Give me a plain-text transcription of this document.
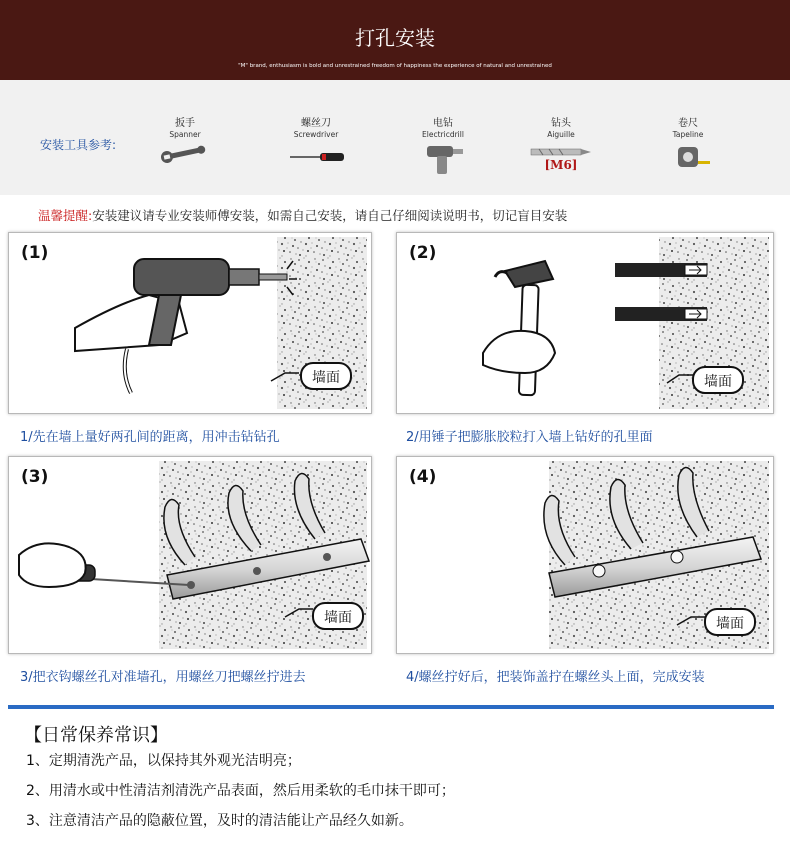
打孔安装
"M" brand, enthusiasm is bold and unrestrained freedom of happiness the experience of natural and unrestrained
安装工具参考:
扳手
Spanner
螺丝刀
Screwdriver
电钻
Electricdrill
钻头
Aiguille
[M6]
卷尺
Tapeline
温馨提醒:安装建议请专业安装师傅安装，如需自己安装，请自己仔细阅读说明书，切记盲目安装
墙面
(1)
1/先在墙上量好两孔间的距离，用冲击钻钻孔
墙面
(2)
2/用锤子把膨胀胶粒打入墙上钻好的孔里面
墙面
(3)
3/把衣钩螺丝孔对准墙孔，用螺丝刀把螺丝拧进去
墙面
(4)
4/螺丝拧好后，把装饰盖拧在螺丝头上面，完成安装
【日常保养常识】
1、定期清洗产品，以保持其外观光洁明亮；
2、用清水或中性清洁剂清洗产品表面，然后用柔软的毛巾抹干即可；
3、注意清洁产品的隐蔽位置，及时的清洁能让产品经久如新。
